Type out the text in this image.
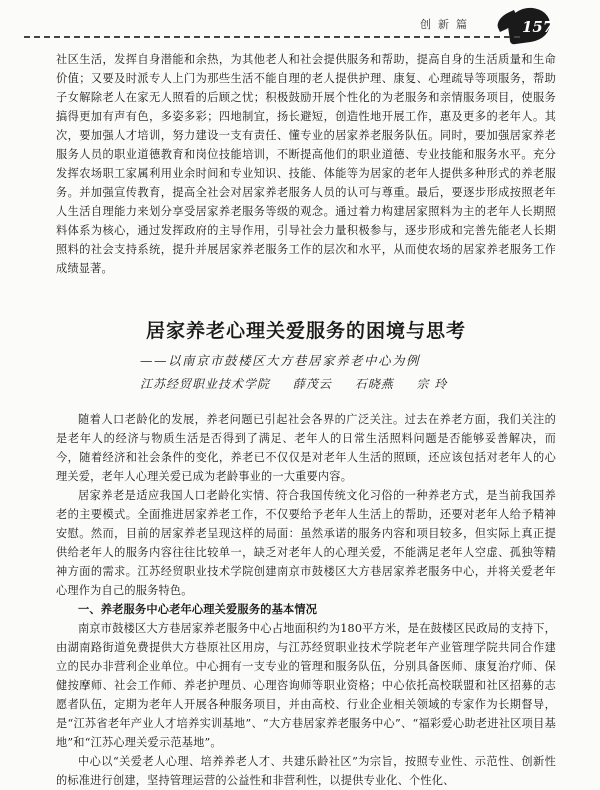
创新篇	157

社区生活，发挥自身潜能和余热，为其他老人和社会提供服务和帮助，提高自身的生活质量和生命价值；又要及时派专人上门为那些生活不能自理的老人提供护理、康复、心理疏导等项服务，帮助子女解除老人在家无人照看的后顾之忧；积极鼓励开展个性化的为老服务和亲情服务项目，使服务搞得更加有声有色，多姿多彩；四地制宜，扬长避短，创造性地开展工作，惠及更多的老年人。其次，要加强人才培训，努力建设一支有责任、懂专业的居家养老服务队伍。同时，要加强居家养老服务人员的职业道德教育和岗位技能培训，不断提高他们的职业道德、专业技能和服务水平。充分发挥农场职工家属利用业余时间和专业知识、技能、体能等为居家的老年人提供多种形式的养老服务。并加强宣传教育，提高全社会对居家养老服务人员的认可与尊重。最后，要逐步形成按照老年人生活自理能力来划分享受居家养老服务等级的观念。通过着力构建居家照料为主的老年人长期照料体系为核心，通过发挥政府的主导作用，引导社会力量积极参与，逐步形成和完善先能老人长期照料的社会支持系统，提升并展居家养老服务工作的层次和水平，从而使农场的居家养老服务工作成绩显著。

居家养老心理关爱服务的困境与思考
——以南京市鼓楼区大方巷居家养老中心为例
江苏经贸职业技术学院 薛茂云 石晓燕 宗 玲

随着人口老龄化的发展，养老问题已引起社会各界的广泛关注。过去在养老方面，我们关注的是老年人的经济与物质生活是否得到了满足、老年人的日常生活照料问题是否能够妥善解决，而今，随着经济和社会条件的变化，养老已不仅仅是对老年人生活的照顾，还应该包括对老年人的心理关爱，老年人心理关爱已成为老龄事业的一大重要内容。

居家养老是适应我国人口老龄化实情、符合我国传统文化习俗的一种养老方式，是当前我国养老的主要模式。全面推进居家养老工作，不仅要给予老年人生活上的帮助，还要对老年人给予精神安慰。然而，目前的居家养老呈现这样的局面：虽然承诺的服务内容和项目较多，但实际上真正提供给老年人的服务内容往往比较单一，缺乏对老年人的心理关爱，不能满足老年人空虚、孤独等精神方面的需求。江苏经贸职业技术学院创建南京市鼓楼区大方巷居家养老服务中心，并将关爱老年心理作为自己的服务特色。

一、养老服务中心老年心理关爱服务的基本情况

南京市鼓楼区大方巷居家养老服务中心占地面积约为180平方米，是在鼓楼区民政局的支持下，由湖南路街道免费提供大方巷原社区用房，与江苏经贸职业技术学院老年产业管理学院共同合作建立的民办非营利企业单位。中心拥有一支专业的管理和服务队伍，分别具备医师、康复治疗师、保健按摩师、社会工作师、养老护理员、心理咨询师等职业资格；中心依托高校联盟和社区招募的志愿者队伍，定期为老年人开展各种服务项目，并由高校、行业企业相关领域的专家作为长期督导，是“江苏省老年产业人才培养实训基地”、“大方巷居家养老服务中心”、“福彩爱心助老进社区项目基地”和“江苏心理关爱示范基地”。

中心以“关爱老人心理、培养养老人才、共建乐龄社区”为宗旨，按照专业性、示范性、创新性的标准进行创建，坚持管理运营的公益性和非营利性，以提供专业化、个性化、
